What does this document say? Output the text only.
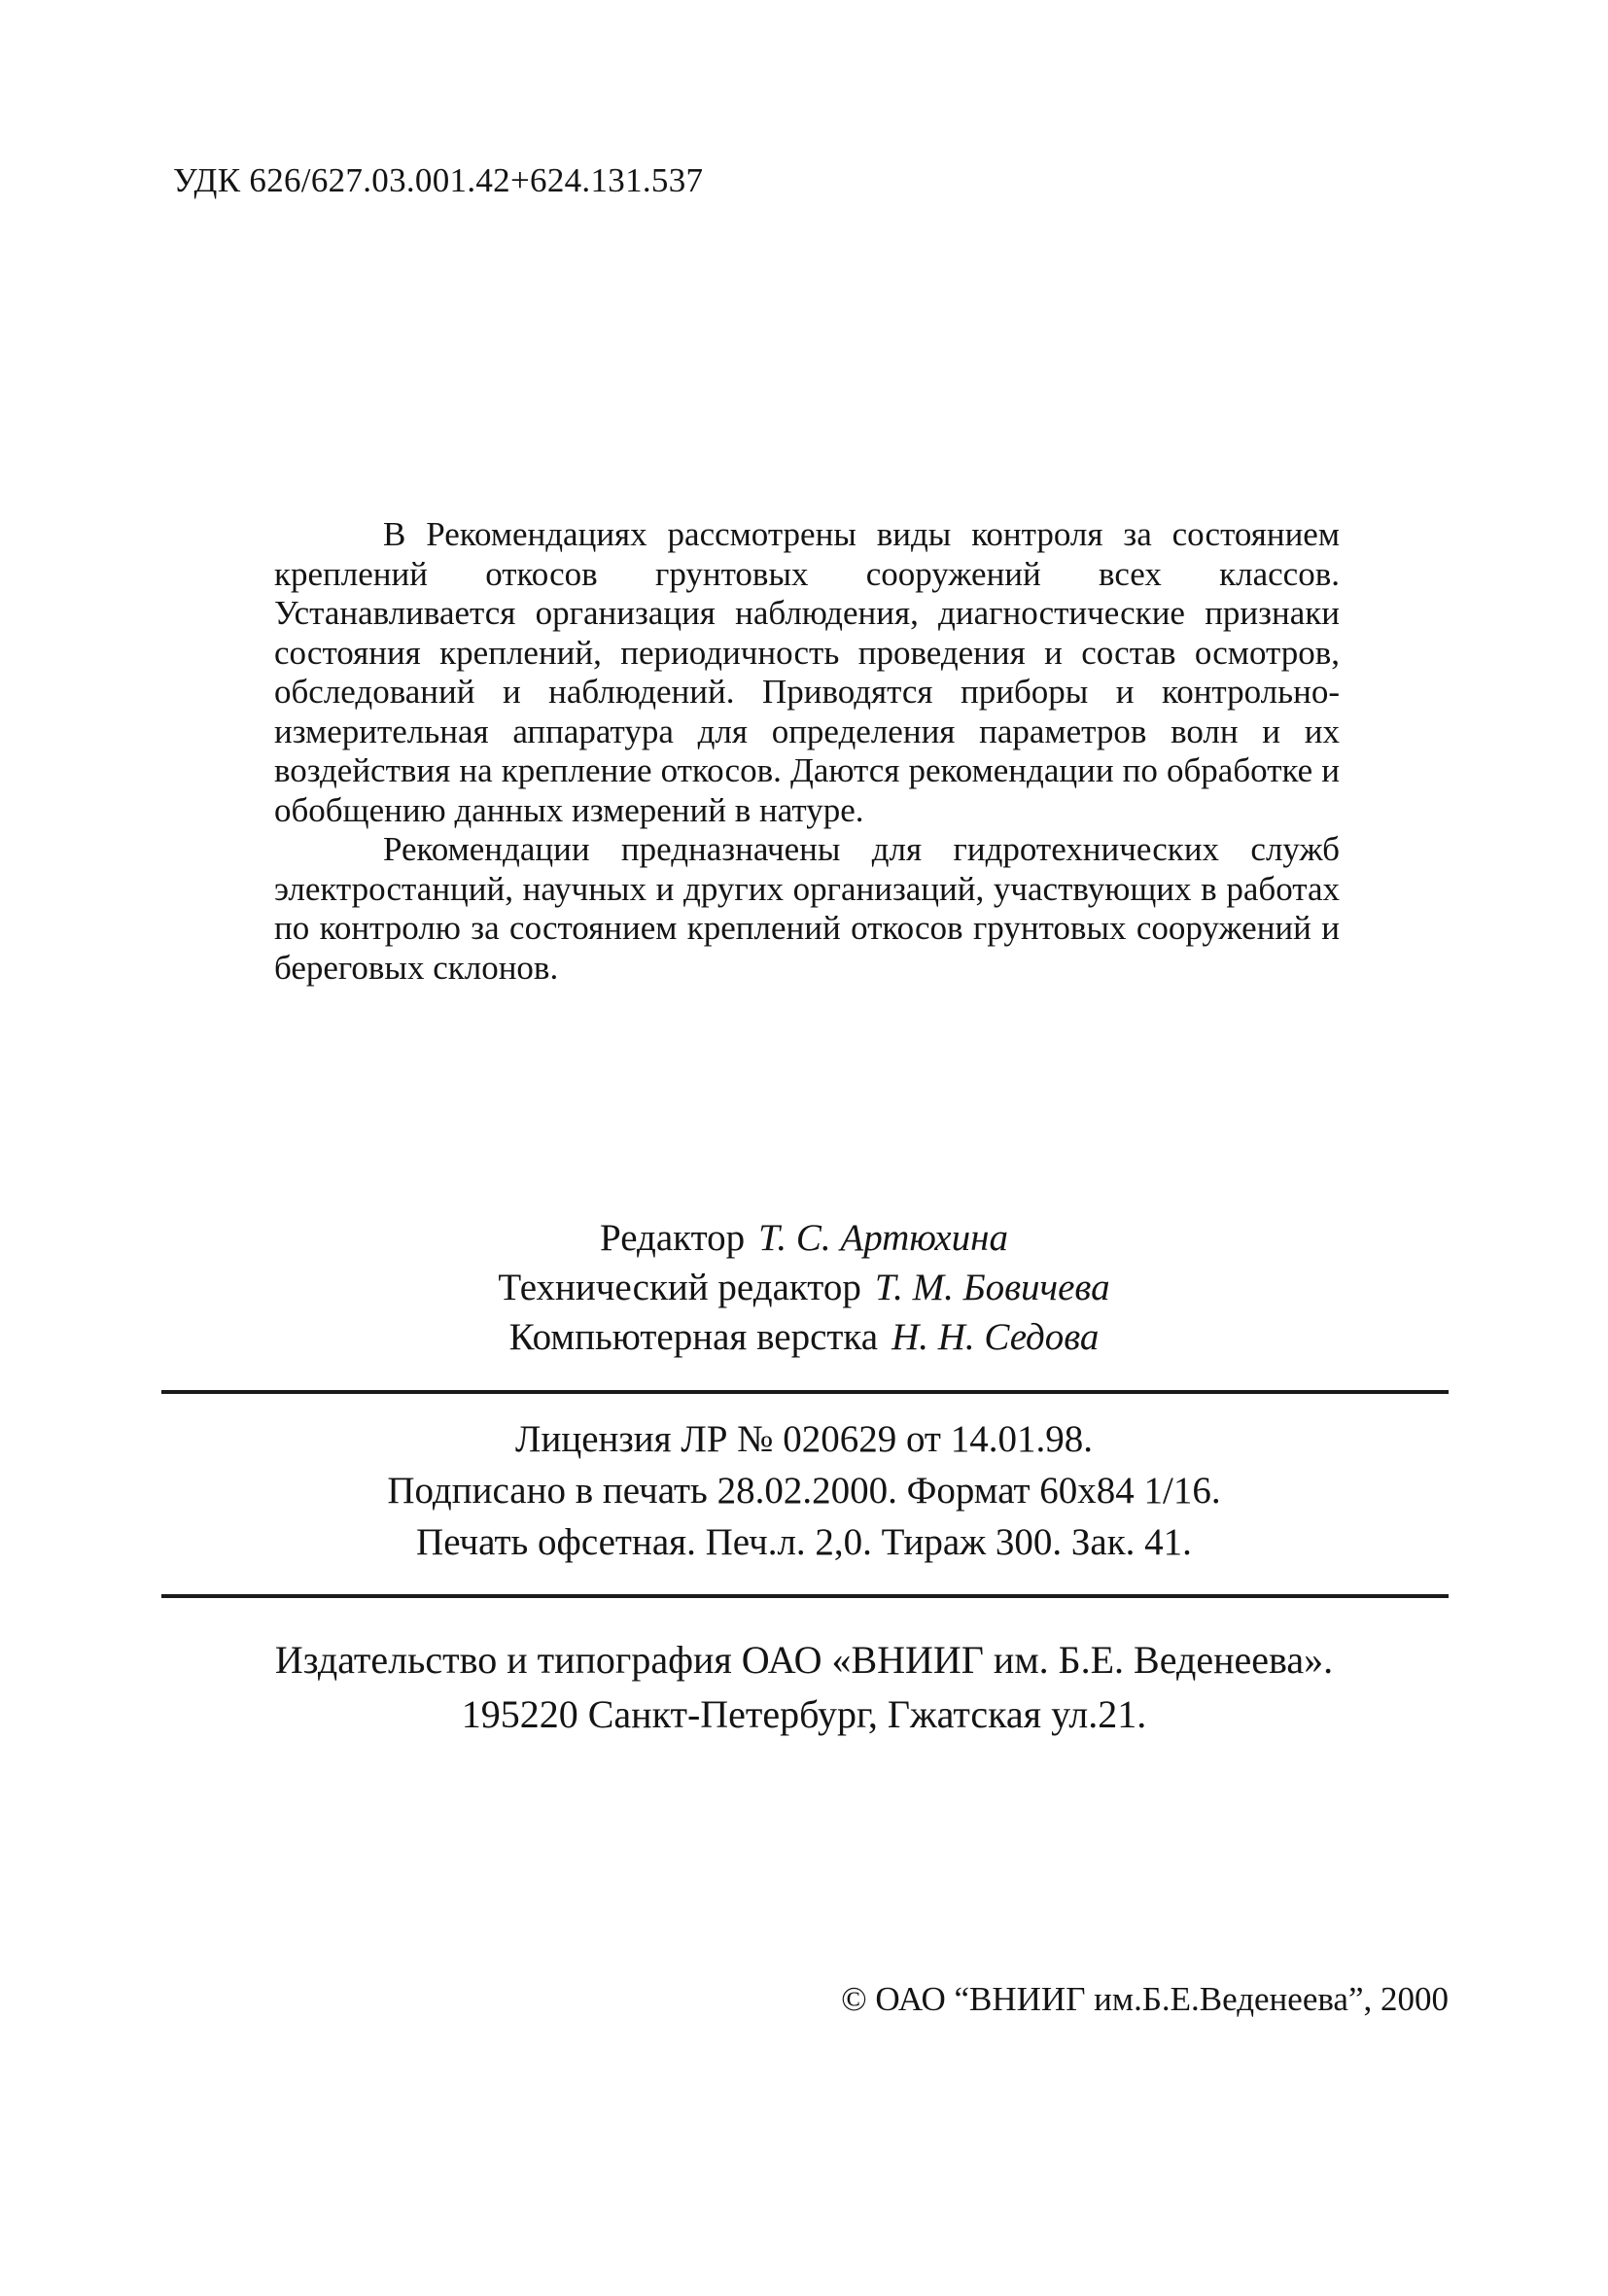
УДК 626/627.03.001.42+624.131.537

В Рекомендациях рассмотрены виды контроля за состоянием креплений откосов грунтовых сооружений всех классов. Устанавливается организация наблюдения, диагностические признаки состояния креплений, периодичность проведения и состав осмотров, обследований и наблюдений. Приводятся приборы и контрольно-измерительная аппаратура для определения параметров волн и их воздействия на крепление откосов. Даются рекомендации по обработке и обобщению данных измерений в натуре.

Рекомендации предназначены для гидротехнических служб электростанций, научных и других организаций, участвующих в работах по контролю за состоянием креплений откосов грунтовых сооружений и береговых склонов.

Редактор Т. С. Артюхина
Технический редактор Т. М. Бовичева
Компьютерная верстка Н. Н. Седова
Лицензия ЛР № 020629 от 14.01.98.
Подписано в печать 28.02.2000. Формат 60х84 1/16.
Печать офсетная. Печ.л. 2,0. Тираж 300. Зак. 41.
Издательство и типография ОАО «ВНИИГ им. Б.Е. Веденеева».
195220 Санкт-Петербург, Гжатская ул.21.
© ОАО “ВНИИГ им.Б.Е.Веденеева”, 2000
